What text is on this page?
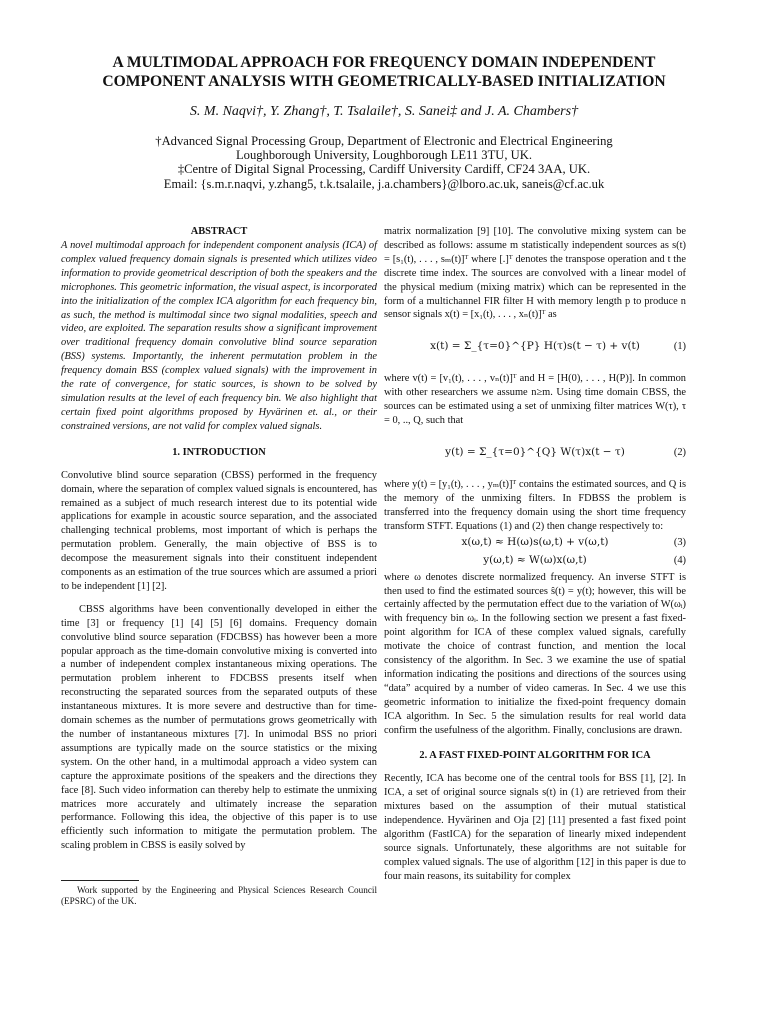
A MULTIMODAL APPROACH FOR FREQUENCY DOMAIN INDEPENDENT
COMPONENT ANALYSIS WITH GEOMETRICALLY-BASED INITIALIZATION
S. M. Naqvi†, Y. Zhang†, T. Tsalaile†, S. Sanei‡ and J. A. Chambers†
†Advanced Signal Processing Group, Department of Electronic and Electrical Engineering
Loughborough University, Loughborough LE11 3TU, UK.
‡Centre of Digital Signal Processing, Cardiff University Cardiff, CF24 3AA, UK.
Email: {s.m.r.naqvi, y.zhang5, t.k.tsalaile, j.a.chambers}@lboro.ac.uk, saneis@cf.ac.uk
ABSTRACT

A novel multimodal approach for independent component analysis (ICA) of complex valued frequency domain signals is presented which utilizes video information to provide geometrical description of both the speakers and the microphones. This geometric information, the visual aspect, is incorporated into the initialization of the complex ICA algorithm for each frequency bin, as such, the method is multimodal since two signal modalities, speech and video, are exploited. The separation results show a significant improvement over traditional frequency domain convolutive blind source separation (BSS) systems. Importantly, the inherent permutation problem in the frequency domain BSS (complex valued signals) with the improvement in the rate of convergence, for static sources, is shown to be solved by simulation results at the level of each frequency bin. We also highlight that certain fixed point algorithms proposed by Hyvärinen et. al., or their constrained versions, are not valid for complex valued signals.

1. INTRODUCTION

Convolutive blind source separation (CBSS) performed in the frequency domain, where the separation of complex valued signals is encountered, has remained as a subject of much research interest due to its potential wide applications for example in acoustic source separation, and the associated challenging technical problems, most important of which is perhaps the permutation problem. Generally, the main objective of BSS is to decompose the measurement signals into their constituent independent components as an estimation of the true sources which are assumed a priori to be independent [1] [2].

CBSS algorithms have been conventionally developed in either the time [3] or frequency [1] [4] [5] [6] domains. Frequency domain convolutive blind source separation (FDCBSS) has however been a more popular approach as the time-domain convolutive mixing is converted into a number of independent complex instantaneous mixing operations. The permutation problem inherent to FDCBSS presents itself when reconstructing the separated sources from the separated outputs of these instantaneous mixtures. It is more severe and destructive than for time-domain schemes as the number of permutations grows geometrically with the number of instantaneous mixtures [7]. In unimodal BSS no priori assumptions are typically made on the source statistics or the mixing system. On the other hand, in a multimodal approach a video system can capture the approximate positions of the speakers and the directions they face [8]. Such video information can thereby help to estimate the unmixing matrices more accurately and ultimately increase the separation performance. Following this idea, the objective of this paper is to use efficiently such information to mitigate the permutation problem. The scaling problem in CBSS is easily solved by

Work supported by the Engineering and Physical Sciences Research Council (EPSRC) of the UK.

matrix normalization [9] [10]. The convolutive mixing system can be described as follows: assume m statistically independent sources as s(t) = [s₁(t), . . . , sₘ(t)]ᵀ where [.]ᵀ denotes the transpose operation and t the discrete time index. The sources are convolved with a linear model of the physical medium (mixing matrix) which can be represented in the form of a multichannel FIR filter H with memory length p to produce n sensor signals x(t) = [x₁(t), . . . , xₙ(t)]ᵀ as

x(t) = Σ_{τ=0}^{P} H(τ)s(t − τ) + v(t)	(1)

where v(t) = [v₁(t), . . . , vₙ(t)]ᵀ and H = [H(0), . . . , H(P)]. In common with other researchers we assume n≥m. Using time domain CBSS, the sources can be estimated using a set of unmixing filter matrices W(τ), τ = 0, .., Q, such that

y(t) = Σ_{τ=0}^{Q} W(τ)x(t − τ)	(2)

where y(t) = [y₁(t), . . . , yₘ(t)]ᵀ contains the estimated sources, and Q is the memory of the unmixing filters. In FDBSS the problem is transferred into the frequency domain using the short time frequency transform STFT. Equations (1) and (2) then change respectively to:

x(ω,t) ≈ H(ω)s(ω,t) + v(ω,t)	(3)
y(ω,t) ≈ W(ω)x(ω,t)	(4)

where ω denotes discrete normalized frequency. An inverse STFT is then used to find the estimated sources ŝ(t) = y(t); however, this will be certainly affected by the permutation effect due to the variation of W(ωᵢ) with frequency bin ωᵢ. In the following section we present a fast fixed-point algorithm for ICA of these complex valued signals, carefully motivate the choice of contrast function, and mention the local consistency of the algorithm. In Sec. 3 we examine the use of spatial information indicating the positions and directions of the sources using “data” acquired by a number of video cameras. In Sec. 4 we use this geometric information to initialize the fixed-point frequency domain ICA algorithm. In Sec. 5 the simulation results for real world data confirm the usefulness of the algorithm. Finally, conclusions are drawn.

2. A FAST FIXED-POINT ALGORITHM FOR ICA

Recently, ICA has become one of the central tools for BSS [1], [2]. In ICA, a set of original source signals s(t) in (1) are retrieved from their mixtures based on the assumption of their mutual statistical independence. Hyvärinen and Oja [2] [11] presented a fast fixed point algorithm (FastICA) for the separation of linearly mixed independent source signals. Unfortunately, these algorithms are not suitable for complex valued signals. The use of algorithm [12] in this paper is due to four main reasons, its suitability for complex
